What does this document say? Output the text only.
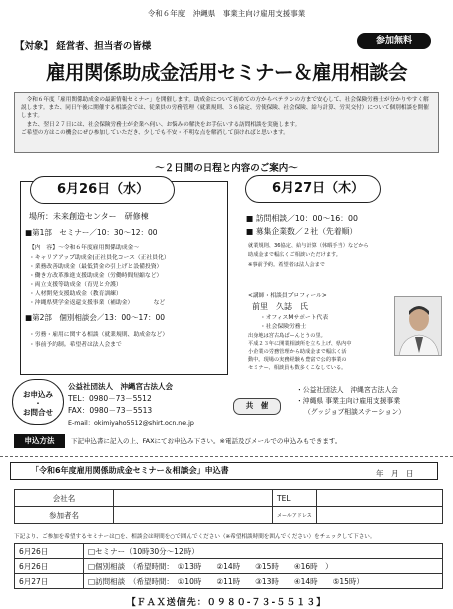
令和６年度　沖縄県　事業主向け雇用支援事業
【対象】 経営者、担当者の皆様	参加無料
雇用関係助成金活用セミナー＆雇用相談会
　令和６年度「雇用関係助成金の最新情報セミナー」を開催します。助成金について初めての方からベテランの方まで安心して、社会保険労務士が分かりやすく解説します。また、同日午後に開催する相談会では、従業員の労務管理（就業規則、３６協定、労使保険、社会保険、給与計算、労災交付）について個別相談を開催します。
　また、翌日２７日には、社会保険労務士が企業へ伺い、お悩みの解決をお手伝いする訪問相談を実施します。
ご希望の方はこの機会にぜひ参加していただき、少しでも不安・不明な点を解消して頂ければと思います。
～２日間の日程と内容のご案内～
6月26日（水）
場所：未来創造センター　研修棟
■第1部　セミナー／10：30～12：00
【内　容】～令和６年度雇用関係助成金～
・キャリアアップ助成金(正社員化コース（正社員化）
・業務改善助成金（最低賃金の引上げと設備投資）
・働き方改革推進支援助成金（労働時間短縮など）
・両立支援等助成金（育児と介護）
・人材開発支援助成金（教育訓練）
・沖縄県奨学金返還支援事業（補助金）　　　　など
■第2部　個別相談会／13：00～17：00
・労務・雇用に関する相談（就業規則、助成金など）
・事前予約制。希望者は法人会まで
6月27日（木）
■ 訪問相談／10：00～16：00
■ 募集企業数／２社（先着順）
就業規則、36協定、給与計算（休暇手当）などから
助成金まで幅広くご相談いただけます。
※事前予約。希望者は法人会まで
<講師・相談員プロフィール>
前里　久誌　氏
・オフィスMサポート代表
・社会保険労務士
出身地は宮古島ぱーんとうの里。
平成２３年に開業相談所を立ち上げ、県内中
小企業の労務管理から助成金まで幅広く活
動中。現場の実務経験も豊富で公的事業の
セミナー、相談員も数多くこなしている。
お申込み
・
お問合せ
公益社団法人　沖縄宮古法人会
TEL：0980－73－5512
FAX：0980－73－5513
E-mail：okimiyaho5512@shirt.ocn.ne.jp
共　催
・公益社団法人　沖縄宮古法人会
・沖縄県 事業主向け雇用支援事業
（グッジョブ相談ステーション）
申込方法	下記申込書に記入の上、FAXにてお申込み下さい。※電話及びメールでの申込みもできます。
「令和6年度雇用関係助成金セミナー＆相談会」申込書	年　月　日
会社名		TEL	
参加者名		メールアドレス	
下記より、ご参加を希望するセミナーは□を、相談会は時間を○で囲んでください（※希望相談時間を囲んでください）をチェックして下さい。
6月26日	□セミナー（10時30分～12時）
6月26日	□個別相談　（希望時間：　①13時　　②14時　　③15時　　④16時　）
6月27日	□訪問相談　（希望時間：　①10時　　②11時　　③13時　　④14時　　⑤15時）
【ＦＡＸ送信先：０９８０-７３-５５１３】
